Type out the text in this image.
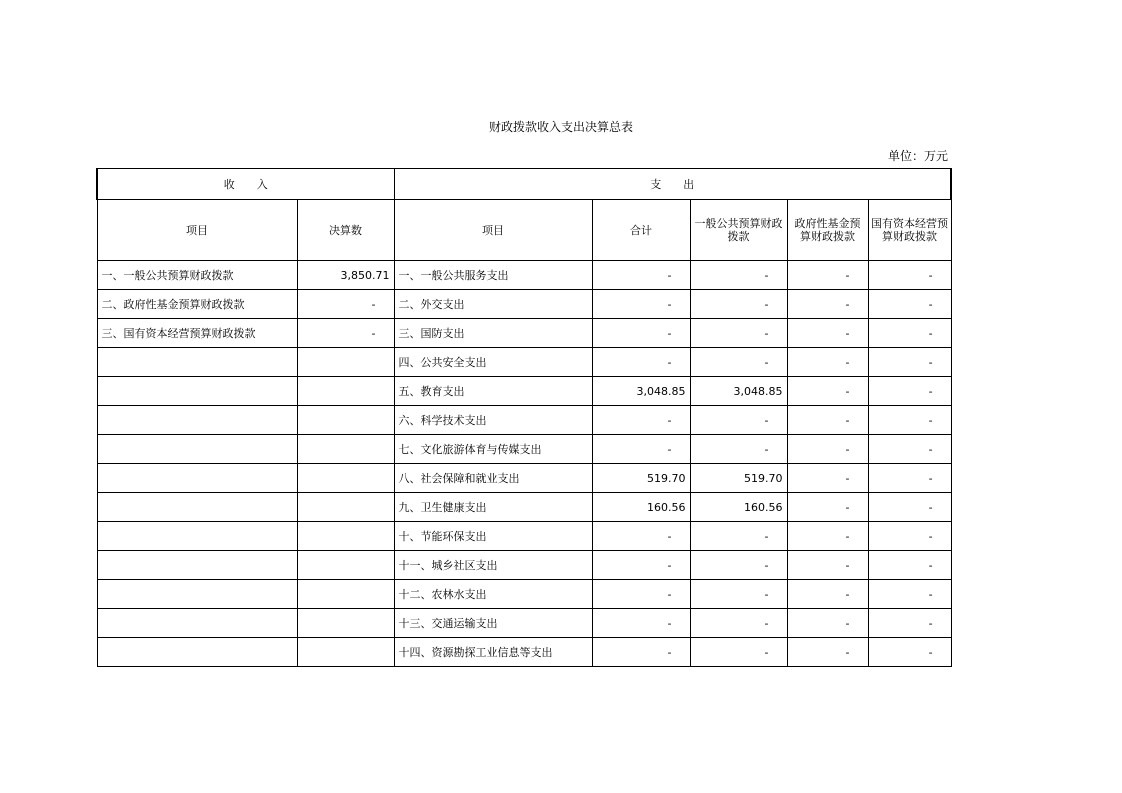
财政拨款收入支出决算总表
单位：万元
收　　入		支　　出				
项目	决算数	项目	合计	一般公共预算财政拨款	政府性基金预算财政拨款	国有资本经营预算财政拨款
一、一般公共预算财政拨款	3,850.71	一、一般公共服务支出	-	-	-	-
二、政府性基金预算财政拨款	-	二、外交支出	-	-	-	-
三、国有资本经营预算财政拨款	-	三、国防支出	-	-	-	-
		四、公共安全支出	-	-	-	-
		五、教育支出	3,048.85	3,048.85	-	-
		六、科学技术支出	-	-	-	-
		七、文化旅游体育与传媒支出	-	-	-	-
		八、社会保障和就业支出	519.70	519.70	-	-
		九、卫生健康支出	160.56	160.56	-	-
		十、节能环保支出	-	-	-	-
		十一、城乡社区支出	-	-	-	-
		十二、农林水支出	-	-	-	-
		十三、交通运输支出	-	-	-	-
		十四、资源勘探工业信息等支出	-	-	-	-
